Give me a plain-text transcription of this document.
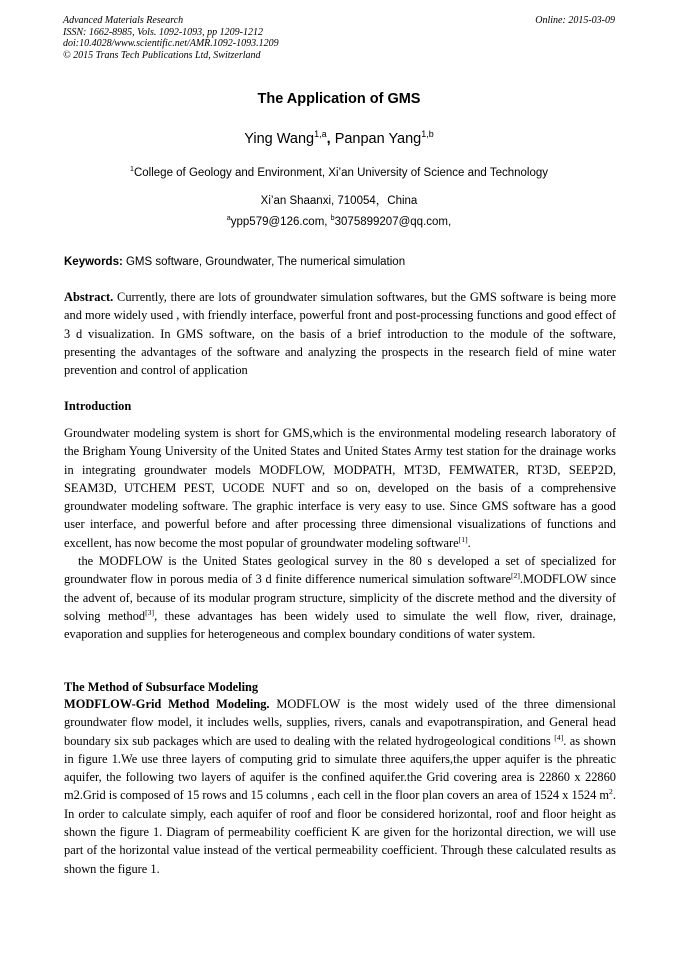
Advanced Materials Research
ISSN: 1662-8985, Vols. 1092-1093, pp 1209-1212
doi:10.4028/www.scientific.net/AMR.1092-1093.1209
© 2015 Trans Tech Publications Ltd, Switzerland
Online: 2015-03-09
The Application of GMS
Ying Wang$^{1,a}$, Panpan Yang$^{1,b}$
$^1$College of Geology and Environment, Xi’an University of Science and Technology
Xi’an Shaanxi, 710054，China
$^a$ypp579@126.com, $^b$3075899207@qq.com,
Keywords: GMS software, Groundwater, The numerical simulation

Abstract. Currently, there are lots of groundwater simulation softwares, but the GMS software is being more and more widely used , with friendly interface, powerful front and post-processing functions and good effect of 3 d visualization. In GMS software, on the basis of a brief introduction to the module of the software, presenting the advantages of the software and analyzing the prospects in the research field of mine water prevention and control of application

Introduction

Groundwater modeling system is short for GMS,which is the environmental modeling research laboratory of the Brigham Young University of the United States and United States Army test station for the drainage works in integrating groundwater models MODFLOW, MODPATH, MT3D, FEMWATER, RT3D, SEEP2D, SEAM3D, UTCHEM PEST, UCODE NUFT and so on, developed on the basis of a comprehensive groundwater modeling software. The graphic interface is very easy to use. Since GMS software has a good user interface, and powerful before and after processing three dimensional visualizations of functions and excellent, has now become the most popular of groundwater modeling software[1].

the MODFLOW is the United States geological survey in the 80 s developed a set of specialized for groundwater flow in porous media of 3 d finite difference numerical simulation software[2].MODFLOW since the advent of, because of its modular program structure, simplicity of the discrete method and the diversity of solving method[3], these advantages has been widely used to simulate the well flow, river, drainage, evaporation and supplies for heterogeneous and complex boundary conditions of water system.

The Method of Subsurface Modeling

MODFLOW-Grid Method Modeling. MODFLOW is the most widely used of the three dimensional groundwater flow model, it includes wells, supplies, rivers, canals and evapotranspiration, and General head boundary six sub packages which are used to dealing with the related hydrogeological conditions [4]. as shown in figure 1.We use three layers of computing grid to simulate three aquifers,the upper aquifer is the phreatic aquifer, the following two layers of aquifer is the confined aquifer.the Grid covering area is 22860 x 22860 m2.Grid is composed of 15 rows and 15 columns , each cell in the floor plan covers an area of 1524 x 1524 $m^2$. In order to calculate simply, each aquifer of roof and floor be considered horizontal, roof and floor height as shown the figure 1. Diagram of permeability coefficient K are given for the horizontal direction, we will use part of the horizontal value instead of the vertical permeability coefficient. Through these calculated results as shown the figure 1.
